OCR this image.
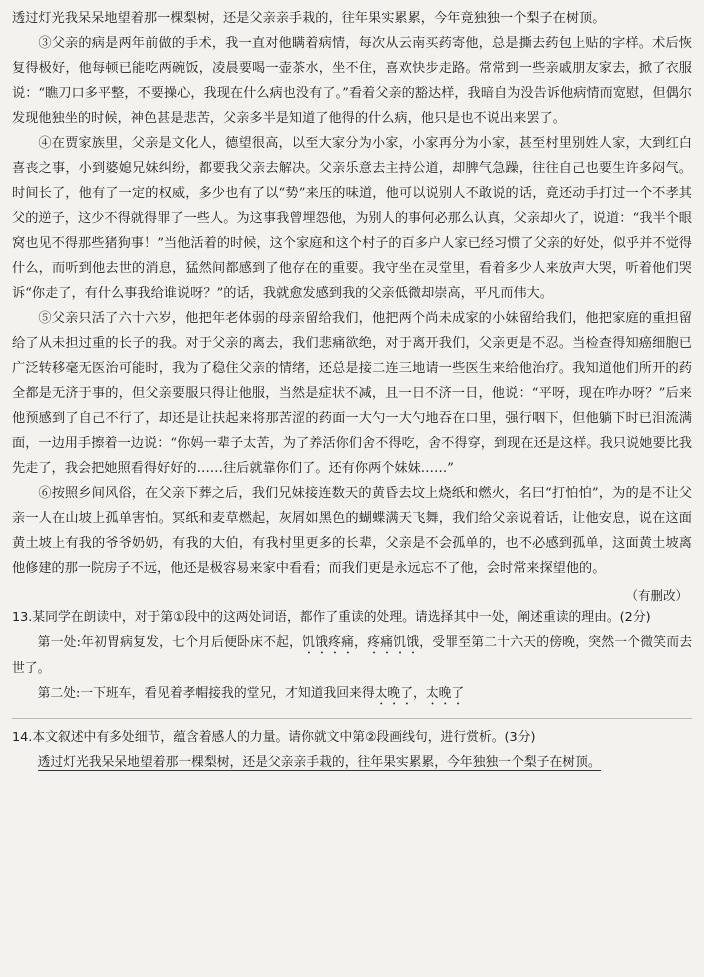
透过灯光我呆呆地望着那一棵梨树，还是父亲亲手栽的，往年果实累累，今年竟独独一个梨子在树顶。

③父亲的病是两年前做的手术，我一直对他瞒着病情，每次从云南买药寄他，总是撕去药包上贴的字样。术后恢复得极好，他每顿已能吃两碗饭，凌晨要喝一壶茶水，坐不住，喜欢快步走路。常常到一些亲戚朋友家去，掀了衣服说：“瞧刀口多平整，不要操心，我现在什么病也没有了。”看着父亲的豁达样，我暗自为没告诉他病情而宽慰，但偶尔发现他独坐的时候，神色甚是悲苦，父亲多半是知道了他得的什么病，他只是也不说出来罢了。

④在贾家族里，父亲是文化人，德望很高，以至大家分为小家，小家再分为小家，甚至村里别姓人家，大到红白喜丧之事，小到婆媳兄妹纠纷，都要我父亲去解决。父亲乐意去主持公道，却脾气急躁，往往自己也要生许多闷气。时间长了，他有了一定的权威，多少也有了以“势”来压的味道，他可以说别人不敢说的话，竟还动手打过一个不孝其父的逆子，这少不得就得罪了一些人。为这事我曾埋怨他，为别人的事何必那么认真，父亲却火了，说道：“我半个眼窝也见不得那些猪狗事！”当他活着的时候，这个家庭和这个村子的百多户人家已经习惯了父亲的好处，似乎并不觉得什么，而听到他去世的消息，猛然间都感到了他存在的重要。我守坐在灵堂里，看着多少人来放声大哭，听着他们哭诉“你走了，有什么事我给谁说呀？”的话，我就愈发感到我的父亲低微却崇高，平凡而伟大。

⑤父亲只活了六十六岁，他把年老体弱的母亲留给我们，他把两个尚未成家的小妹留给我们，他把家庭的重担留给了从未担过重的长子的我。对于父亲的离去，我们悲痛欲绝，对于离开我们，父亲更是不忍。当检查得知癌细胞已广泛转移毫无医治可能时，我为了稳住父亲的情绪，还总是接二连三地请一些医生来给他治疗。我知道他们所开的药全都是无济于事的，但父亲要服只得让他服，当然是症状不减，且一日不济一日，他说：“平呀，现在咋办呀？”后来他预感到了自己不行了，却还是让扶起来将那苦涩的药面一大勺一大勺地吞在口里，强行咽下，但他躺下时已泪流满面，一边用手擦着一边说：“你妈一辈子太苦，为了养活你们舍不得吃，舍不得穿，到现在还是这样。我只说她要比我先走了，我会把她照看得好好的……往后就靠你们了。还有你两个妹妹……”

⑥按照乡间风俗，在父亲下葬之后，我们兄妹接连数天的黄昏去坟上烧纸和燃火，名曰“打怕怕”，为的是不让父亲一人在山坡上孤单害怕。冥纸和麦草燃起，灰屑如黑色的蝴蝶满天飞舞，我们给父亲说着话，让他安息，说在这面黄土坡上有我的爷爷奶奶，有我的大伯，有我村里更多的长辈，父亲是不会孤单的，也不必感到孤单，这面黄土坡离他修建的那一院房子不远，他还是极容易来家中看看；而我们更是永远忘不了他，会时常来探望他的。

（有删改）

13.某同学在朗读中，对于第①段中的这两处词语，都作了重读的处理。请选择其中一处，阐述重读的理由。(2分)

第一处:年初胃病复发，七个月后便卧床不起，饥饿疼痛，疼痛饥饿，受罪至第二十六天的傍晚，突然一个微笑而去世了。

第二处:一下班车，看见着孝帽接我的堂兄，才知道我回来得太晚了，太晚了

14.本文叙述中有多处细节，蕴含着感人的力量。请你就文中第②段画线句，进行赏析。(3分)

透过灯光我呆呆地望着那一棵梨树，还是父亲亲手栽的，往年果实累累，今年独独一个梨子在树顶。
